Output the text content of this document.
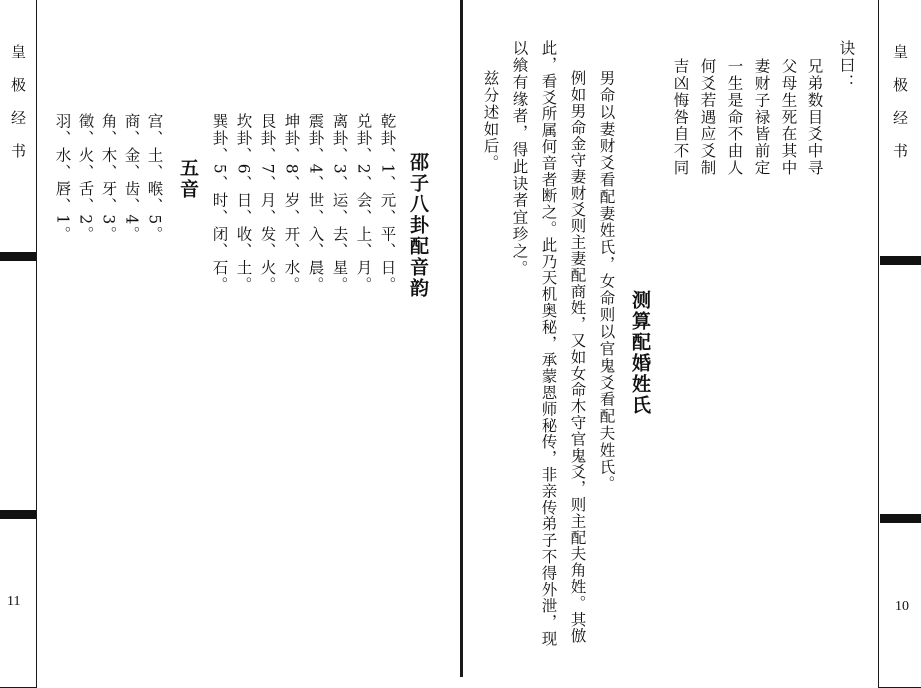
皇极经书
11
邵子八卦配音韵
乾卦、1、元、平、日。
兑卦、2、会、上、月。
离卦、3、运、去、星。
震卦、4、世、入、晨。
坤卦、8、岁、开、水。
艮卦、7、月、发、火。
坎卦、6、日、收、土。
巽卦、5、时、闭、石。
五音
宫、土、喉、5。
商、金、齿、4。
角、木、牙、3。
徵、火、舌、2。
羽、水、唇、1。
皇极经书
10
诀曰：
兄弟数目爻中寻
父母生死在其中
妻财子禄皆前定
一生是命不由人
何爻若遇应爻制
吉凶悔咎自不同
测算配婚姓氏
男命以妻财爻看配妻姓氏，女命则以官鬼爻看配夫姓氏。
例如男命金守妻财爻则主妻配商姓，又如女命木守官鬼爻，则主配夫角姓。其倣
此，看爻所属何音者断之。此乃天机奥秘，承蒙恩师秘传，非亲传弟子不得外泄，现
以飨有缘者，得此诀者宜珍之。
兹分述如后。
